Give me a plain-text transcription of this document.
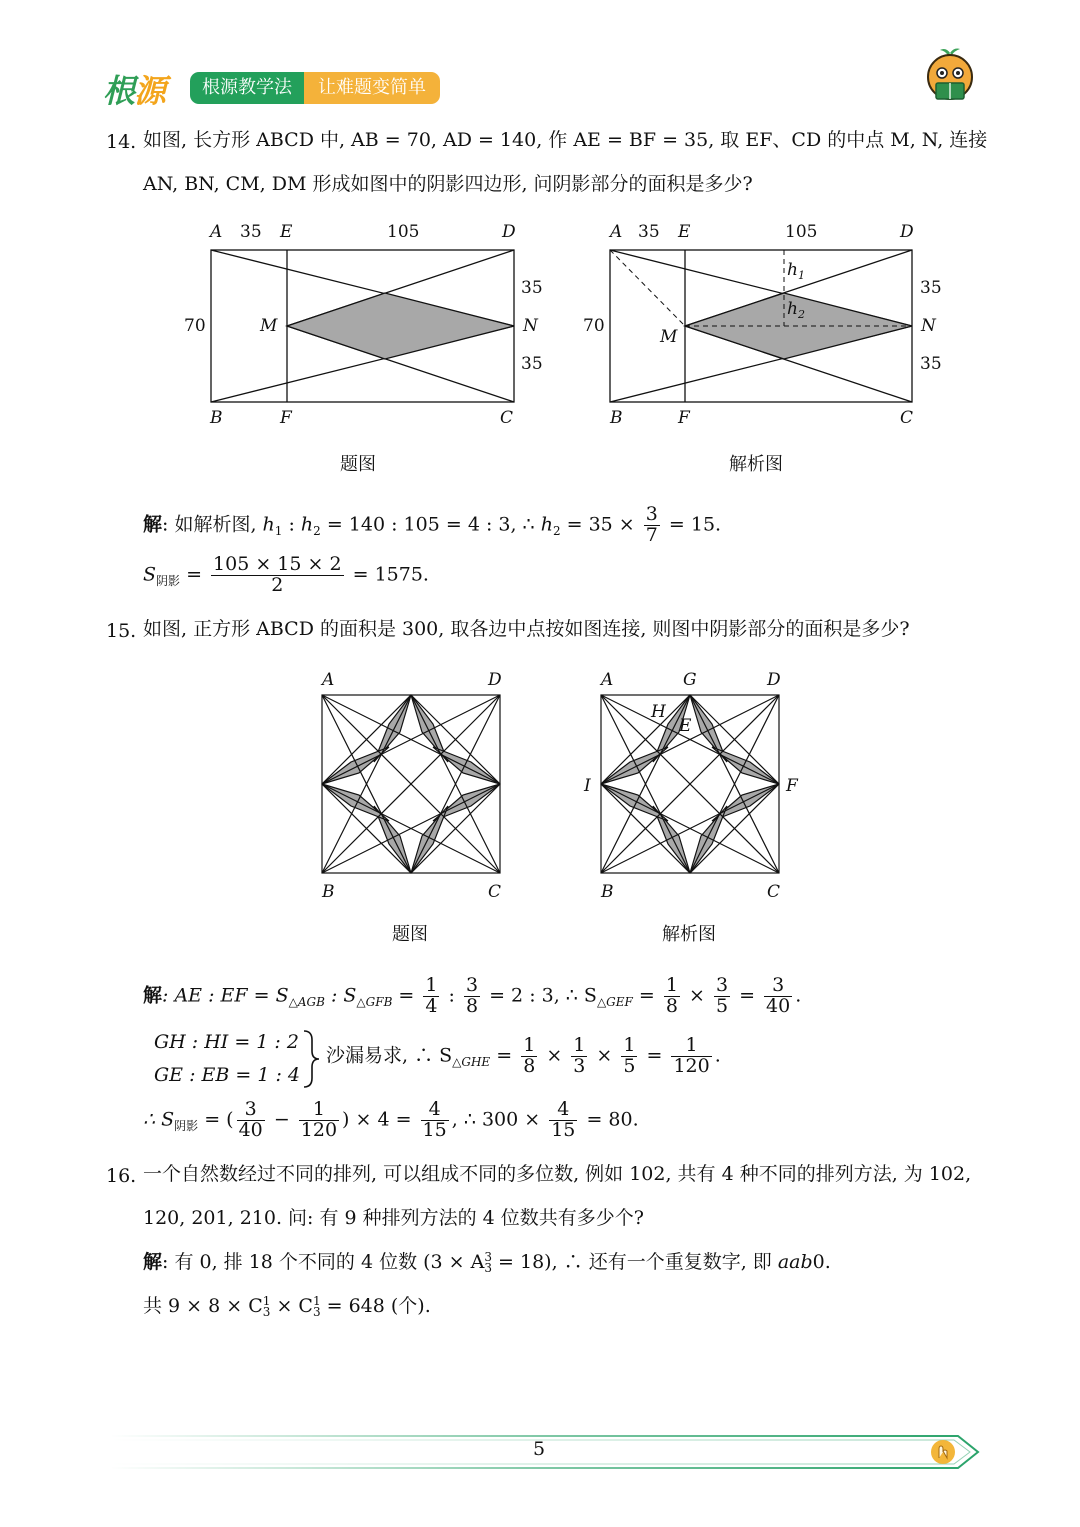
根源	根源教学法	让难题变简单
14. 如图, 长方形 ABCD 中, AB = 70, AD = 140, 作 AE = BF = 35, 取 EF、CD 的中点 M, N, 连接
AN, BN, CM, DM 形成如图中的阴影四边形, 问阴影部分的面积是多少?
A 35 E	105	D
35
70	M	N
35
B	F	C
题图
A 35 E	105	D
$h_1$
$h_2$
35
70
M
N
35
B	F	C
解析图
解: 如解析图, $h_1$ : $h_2 = 140$ : 105 = 4 : 3, ∴ $h_2 = 35 \times \frac{3}{7} = 15$.
$S_{阴影} = \frac{105 \times 15 \times 2}{2} = 1575$.
15. 如图, 正方形 ABCD 的面积是 300, 取各边中点按如图连接, 则图中阴影部分的面积是多少?
A	D
B	C
题图
A	G	D
H
E
I	F
B	C
解析图
解: AE : EF = $S_{\triangle AGB}$ : $S_{\triangle GFB} = \frac{1}{4}$ : $\frac{3}{8} = 2$ : 3, ∴ $S_{\triangle GEF} = \frac{1}{8} \times \frac{3}{5} = \frac{3}{40}$ .
GH : HI = 1 : 2
GE : EB = 1 : 4
沙漏易求, ∴ $S_{\triangle GHE} = \frac{1}{8} \times \frac{1}{3} \times \frac{1}{5} = \frac{1}{120}$ .
∴ $S_{阴影}$ = ( $\frac{3}{40} - \frac{1}{120}$ ) × $4 = \frac{4}{15}$ , ∴ $300 \times \frac{4}{15} = 80$.
16. 一个自然数经过不同的排列, 可以组成不同的多位数, 例如 102, 共有 4 种不同的排列方法, 为 102,
120, 201, 210. 问: 有 9 种排列方法的 4 位数共有多少个?
解: 有 0, 排 18 个不同的 4 位数 (3 × A 3
3 = 18), ∴ 还有一个重复数字, 即 aab0.
共 9 × 8 × C 1
3 × C 1
3 = 648 (个).
5
